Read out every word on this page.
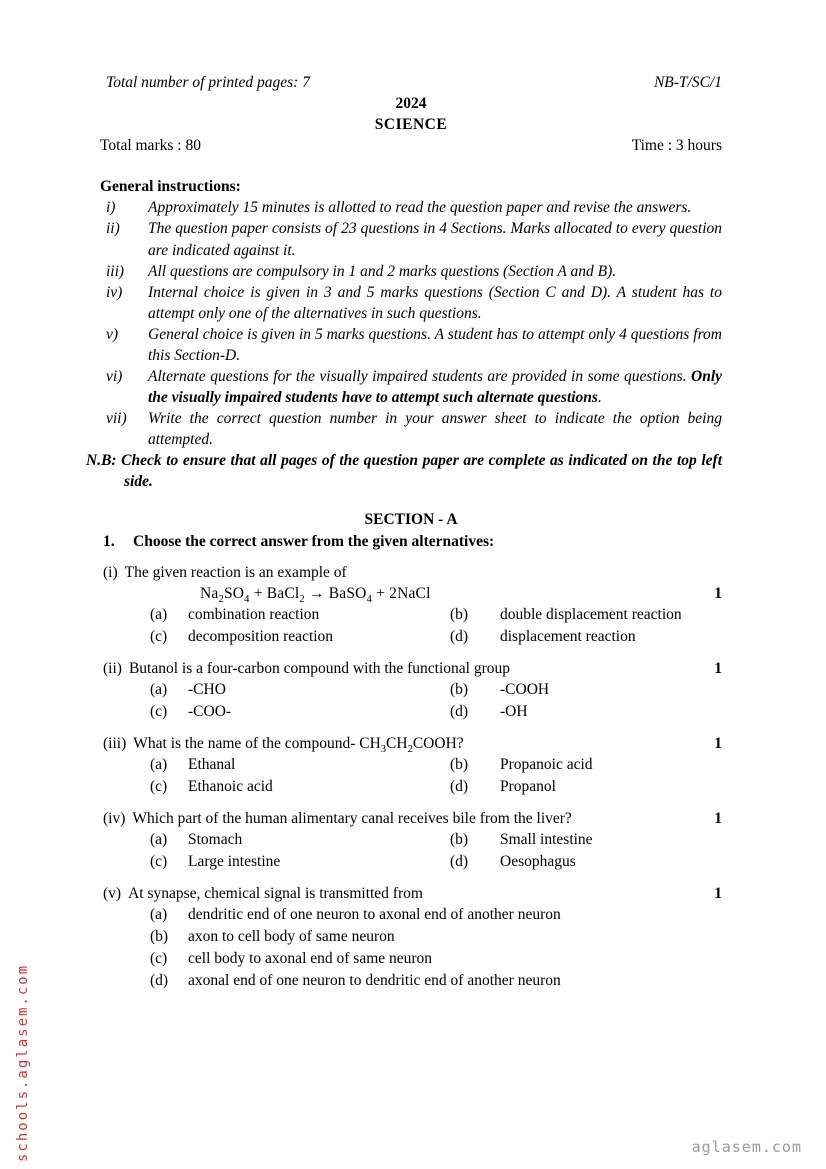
Total number of printed pages: 7	NB-T/SC/1
2024
SCIENCE
Total marks : 80	Time : 3 hours
General instructions:
i)	Approximately 15 minutes is allotted to read the question paper and revise the answers.
ii)	The question paper consists of 23 questions in 4 Sections. Marks allocated to every question are indicated against it.
iii)	All questions are compulsory in 1 and 2 marks questions (Section A and B).
iv)	Internal choice is given in 3 and 5 marks questions (Section C and D). A student has to attempt only one of the alternatives in such questions.
v)	General choice is given in 5 marks questions. A student has to attempt only 4 questions from this Section-D.
vi)	Alternate questions for the visually impaired students are provided in some questions. Only the visually impaired students have to attempt such alternate questions.
vii)	Write the correct question number in your answer sheet to indicate the option being attempted.
N.B: Check to ensure that all pages of the question paper are complete as indicated on the top left side.
SECTION - A
1.	Choose the correct answer from the given alternatives:
(i) The given reaction is an example of
$Na_2SO_4$ + BaCl$_2$ → BaSO$_4$ + 2NaCl	1
(a)	combination reaction	(b)	double displacement reaction
(c)	decomposition reaction	(d)	displacement reaction
(ii) Butanol is a four-carbon compound with the functional group	1
(a)	-CHO	(b)	-COOH
(c)	-COO-	(d)	-OH
(iii) What is the name of the compound- $CH_3CH_2COOH$?	1
(a)	Ethanal	(b)	Propanoic acid
(c)	Ethanoic acid	(d)	Propanol
(iv) Which part of the human alimentary canal receives bile from the liver?	1
(a)	Stomach	(b)	Small intestine
(c)	Large intestine	(d)	Oesophagus
(v) At synapse, chemical signal is transmitted from	1
(a)	dendritic end of one neuron to axonal end of another neuron
(b)	axon to cell body of same neuron
(c)	cell body to axonal end of same neuron
(d)	axonal end of one neuron to dendritic end of another neuron
schools.aglasem.com	aglasem.com
